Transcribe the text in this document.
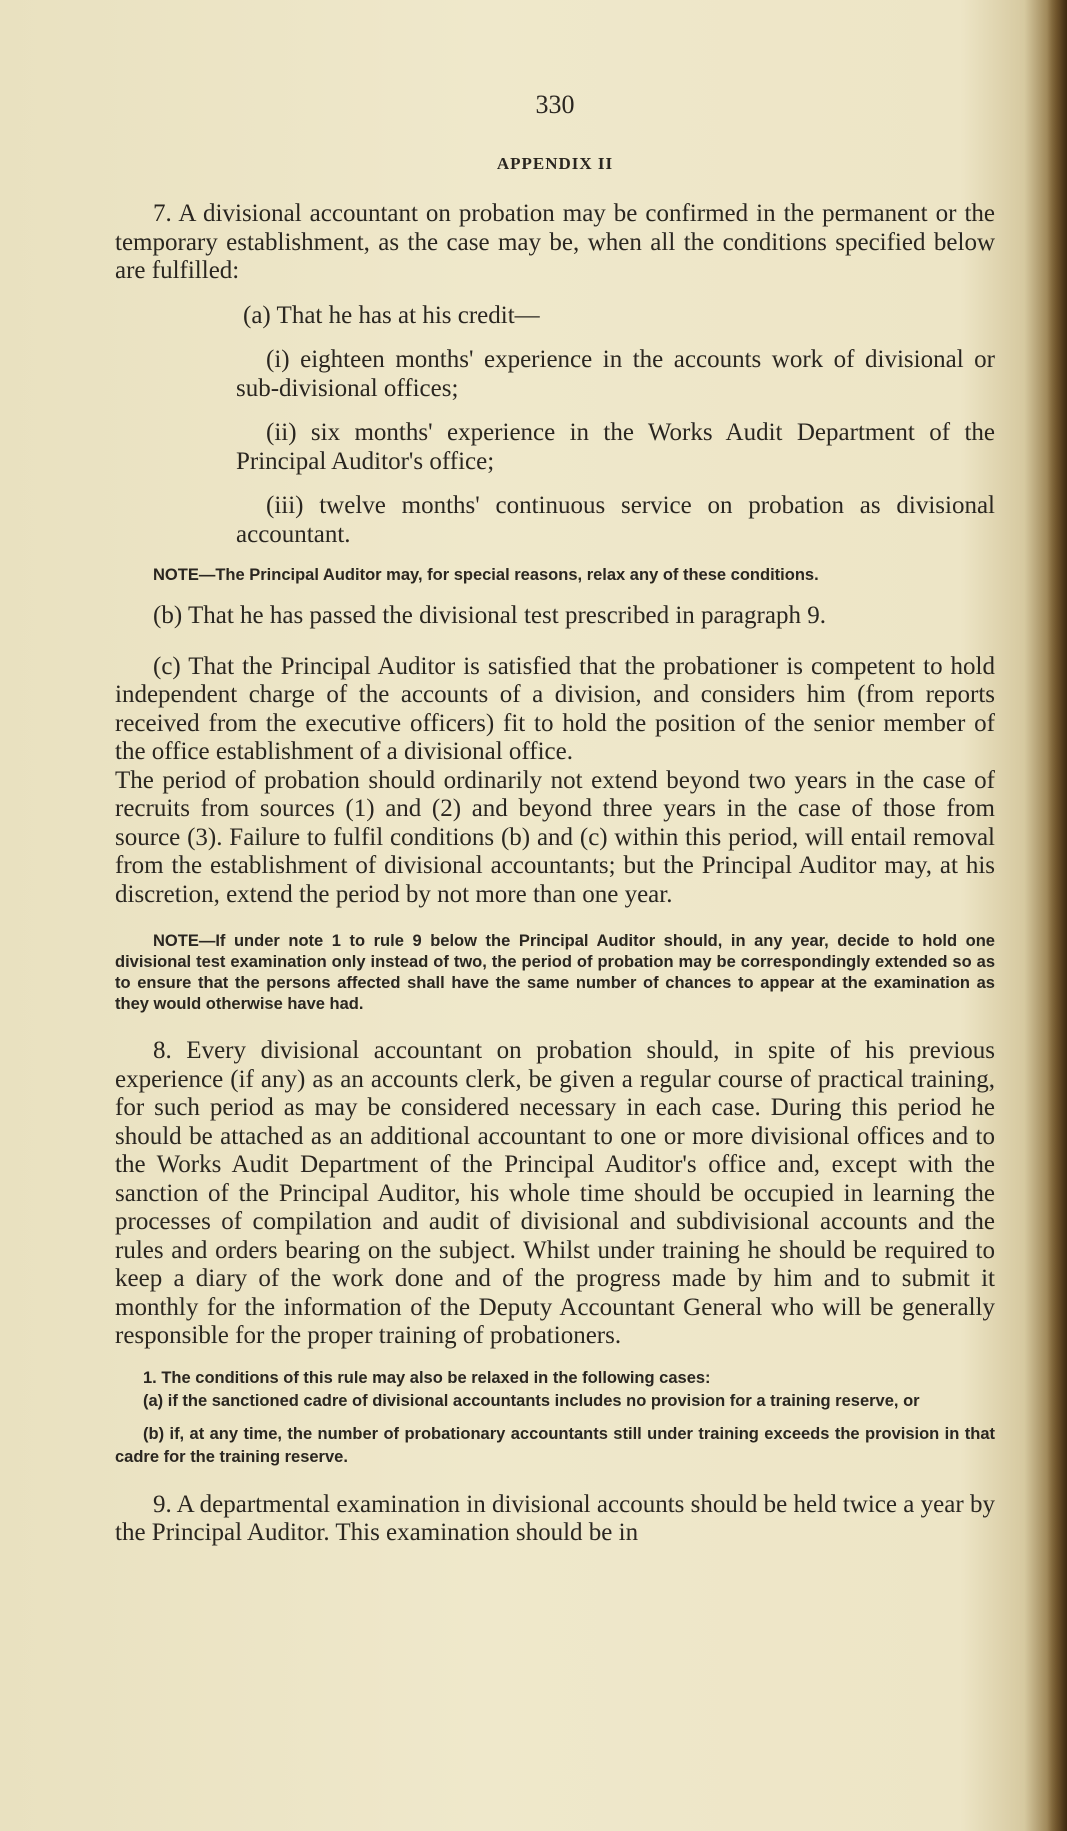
330
APPENDIX II

7. A divisional accountant on probation may be confirmed in the permanent or the temporary establishment, as the case may be, when all the conditions specified below are fulfilled:

(a) That he has at his credit—

(i) eighteen months' experience in the accounts work of divisional or sub-divisional offices;

(ii) six months' experience in the Works Audit Department of the Principal Auditor's office;

(iii) twelve months' continuous service on probation as divisional accountant.

NOTE—The Principal Auditor may, for special reasons, relax any of these conditions.

(b) That he has passed the divisional test prescribed in paragraph 9.

(c) That the Principal Auditor is satisfied that the probationer is competent to hold independent charge of the accounts of a division, and considers him (from reports received from the executive officers) fit to hold the position of the senior member of the office establishment of a divisional office.

The period of probation should ordinarily not extend beyond two years in the case of recruits from sources (1) and (2) and beyond three years in the case of those from source (3). Failure to fulfil conditions (b) and (c) within this period, will entail removal from the establishment of divisional accountants; but the Principal Auditor may, at his discretion, extend the period by not more than one year.

NOTE—If under note 1 to rule 9 below the Principal Auditor should, in any year, decide to hold one divisional test examination only instead of two, the period of probation may be correspondingly extended so as to ensure that the persons affected shall have the same number of chances to appear at the examination as they would otherwise have had.

8. Every divisional accountant on probation should, in spite of his previous experience (if any) as an accounts clerk, be given a regular course of practical training, for such period as may be considered necessary in each case. During this period he should be attached as an additional accountant to one or more divisional offices and to the Works Audit Department of the Principal Auditor's office and, except with the sanction of the Principal Auditor, his whole time should be occupied in learning the processes of compilation and audit of divisional and subdivisional accounts and the rules and orders bearing on the subject. Whilst under training he should be required to keep a diary of the work done and of the progress made by him and to submit it monthly for the information of the Deputy Accountant General who will be generally responsible for the proper training of probationers.

1. The conditions of this rule may also be relaxed in the following cases:

(a) if the sanctioned cadre of divisional accountants includes no provision for a training reserve, or

(b) if, at any time, the number of probationary accountants still under training exceeds the provision in that cadre for the training reserve.

9. A departmental examination in divisional accounts should be held twice a year by the Principal Auditor. This examination should be in
